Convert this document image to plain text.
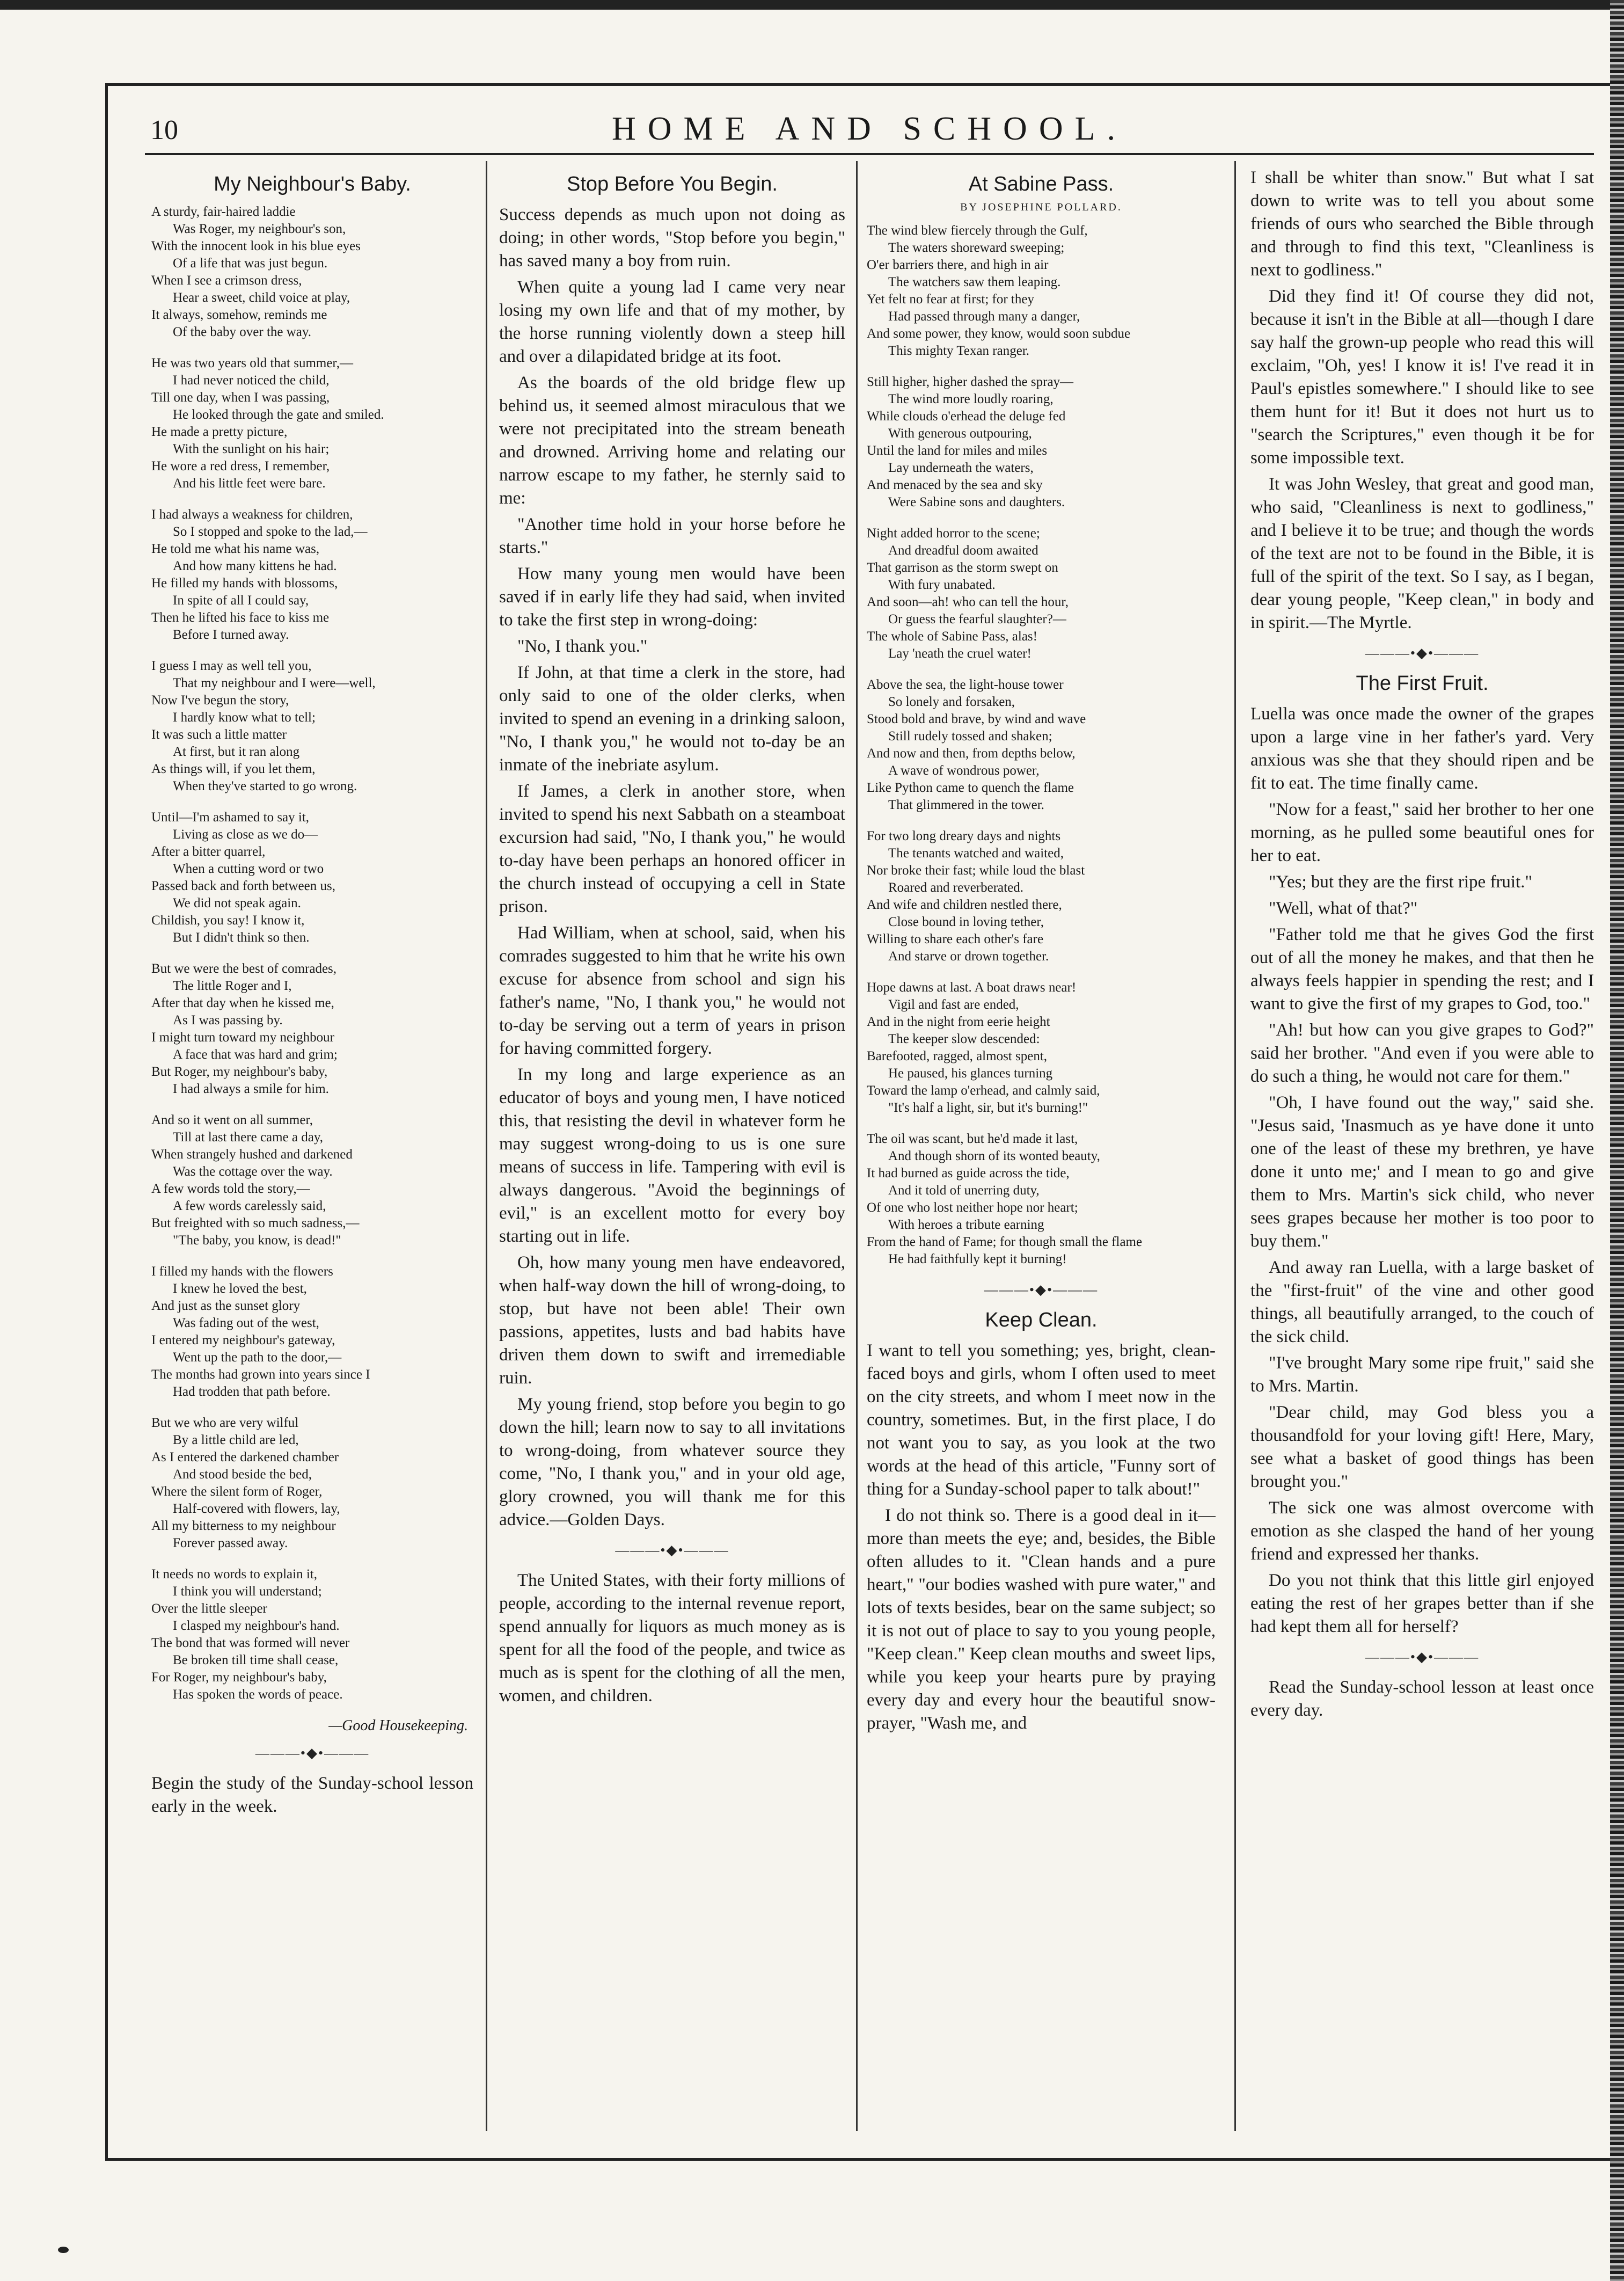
10	HOME AND SCHOOL.
My Neighbour's Baby.
A sturdy, fair-haired laddie
Was Roger, my neighbour's son,
With the innocent look in his blue eyes
Of a life that was just begun.
When I see a crimson dress,
Hear a sweet, child voice at play,
It always, somehow, reminds me
Of the baby over the way.
He was two years old that summer,—
I had never noticed the child,
Till one day, when I was passing,
He looked through the gate and smiled.
He made a pretty picture,
With the sunlight on his hair;
He wore a red dress, I remember,
And his little feet were bare.
I had always a weakness for children,
So I stopped and spoke to the lad,—
He told me what his name was,
And how many kittens he had.
He filled my hands with blossoms,
In spite of all I could say,
Then he lifted his face to kiss me
Before I turned away.
I guess I may as well tell you,
That my neighbour and I were—well,
Now I've begun the story,
I hardly know what to tell;
It was such a little matter
At first, but it ran along
As things will, if you let them,
When they've started to go wrong.
Until—I'm ashamed to say it,
Living as close as we do—
After a bitter quarrel,
When a cutting word or two
Passed back and forth between us,
We did not speak again.
Childish, you say! I know it,
But I didn't think so then.
But we were the best of comrades,
The little Roger and I,
After that day when he kissed me,
As I was passing by.
I might turn toward my neighbour
A face that was hard and grim;
But Roger, my neighbour's baby,
I had always a smile for him.
And so it went on all summer,
Till at last there came a day,
When strangely hushed and darkened
Was the cottage over the way.
A few words told the story,—
A few words carelessly said,
But freighted with so much sadness,—
"The baby, you know, is dead!"
I filled my hands with the flowers
I knew he loved the best,
And just as the sunset glory
Was fading out of the west,
I entered my neighbour's gateway,
Went up the path to the door,—
The months had grown into years since I
Had trodden that path before.
But we who are very wilful
By a little child are led,
As I entered the darkened chamber
And stood beside the bed,
Where the silent form of Roger,
Half-covered with flowers, lay,
All my bitterness to my neighbour
Forever passed away.
It needs no words to explain it,
I think you will understand;
Over the little sleeper
I clasped my neighbour's hand.
The bond that was formed will never
Be broken till time shall cease,
For Roger, my neighbour's baby,
Has spoken the words of peace.
—Good Housekeeping.
―――•◆•―――

Begin the study of the Sunday-school lesson early in the week.

Stop Before You Begin.

Success depends as much upon not doing as doing; in other words, "Stop before you begin," has saved many a boy from ruin.

When quite a young lad I came very near losing my own life and that of my mother, by the horse running violently down a steep hill and over a dilapidated bridge at its foot.

As the boards of the old bridge flew up behind us, it seemed almost miraculous that we were not precipitated into the stream beneath and drowned. Arriving home and relating our narrow escape to my father, he sternly said to me:

"Another time hold in your horse before he starts."

How many young men would have been saved if in early life they had said, when invited to take the first step in wrong-doing:

"No, I thank you."

If John, at that time a clerk in the store, had only said to one of the older clerks, when invited to spend an evening in a drinking saloon, "No, I thank you," he would not to-day be an inmate of the inebriate asylum.

If James, a clerk in another store, when invited to spend his next Sabbath on a steamboat excursion had said, "No, I thank you," he would to-day have been perhaps an honored officer in the church instead of occupying a cell in State prison.

Had William, when at school, said, when his comrades suggested to him that he write his own excuse for absence from school and sign his father's name, "No, I thank you," he would not to-day be serving out a term of years in prison for having committed forgery.

In my long and large experience as an educator of boys and young men, I have noticed this, that resisting the devil in whatever form he may suggest wrong-doing to us is one sure means of success in life. Tampering with evil is always dangerous. "Avoid the beginnings of evil," is an excellent motto for every boy starting out in life.

Oh, how many young men have endeavored, when half-way down the hill of wrong-doing, to stop, but have not been able! Their own passions, appetites, lusts and bad habits have driven them down to swift and irremediable ruin.

My young friend, stop before you begin to go down the hill; learn now to say to all invitations to wrong-doing, from whatever source they come, "No, I thank you," and in your old age, glory crowned, you will thank me for this advice.—Golden Days.

―――•◆•―――

The United States, with their forty millions of people, according to the internal revenue report, spend annually for liquors as much money as is spent for all the food of the people, and twice as much as is spent for the clothing of all the men, women, and children.

At Sabine Pass.
BY JOSEPHINE POLLARD.
The wind blew fiercely through the Gulf,
The waters shoreward sweeping;
O'er barriers there, and high in air
The watchers saw them leaping.
Yet felt no fear at first; for they
Had passed through many a danger,
And some power, they know, would soon subdue
This mighty Texan ranger.
Still higher, higher dashed the spray—
The wind more loudly roaring,
While clouds o'erhead the deluge fed
With generous outpouring,
Until the land for miles and miles
Lay underneath the waters,
And menaced by the sea and sky
Were Sabine sons and daughters.
Night added horror to the scene;
And dreadful doom awaited
That garrison as the storm swept on
With fury unabated.
And soon—ah! who can tell the hour,
Or guess the fearful slaughter?—
The whole of Sabine Pass, alas!
Lay 'neath the cruel water!
Above the sea, the light-house tower
So lonely and forsaken,
Stood bold and brave, by wind and wave
Still rudely tossed and shaken;
And now and then, from depths below,
A wave of wondrous power,
Like Python came to quench the flame
That glimmered in the tower.
For two long dreary days and nights
The tenants watched and waited,
Nor broke their fast; while loud the blast
Roared and reverberated.
And wife and children nestled there,
Close bound in loving tether,
Willing to share each other's fare
And starve or drown together.
Hope dawns at last. A boat draws near!
Vigil and fast are ended,
And in the night from eerie height
The keeper slow descended:
Barefooted, ragged, almost spent,
He paused, his glances turning
Toward the lamp o'erhead, and calmly said,
"It's half a light, sir, but it's burning!"
The oil was scant, but he'd made it last,
And though shorn of its wonted beauty,
It had burned as guide across the tide,
And it told of unerring duty,
Of one who lost neither hope nor heart;
With heroes a tribute earning
From the hand of Fame; for though small the flame
He had faithfully kept it burning!
―――•◆•―――
Keep Clean.

I want to tell you something; yes, bright, clean-faced boys and girls, whom I often used to meet on the city streets, and whom I meet now in the country, sometimes. But, in the first place, I do not want you to say, as you look at the two words at the head of this article, "Funny sort of thing for a Sunday-school paper to talk about!"

I do not think so. There is a good deal in it—more than meets the eye; and, besides, the Bible often alludes to it. "Clean hands and a pure heart," "our bodies washed with pure water," and lots of texts besides, bear on the same subject; so it is not out of place to say to you young people, "Keep clean." Keep clean mouths and sweet lips, while you keep your hearts pure by praying every day and every hour the beautiful snow-prayer, "Wash me, and

I shall be whiter than snow." But what I sat down to write was to tell you about some friends of ours who searched the Bible through and through to find this text, "Cleanliness is next to godliness."

Did they find it! Of course they did not, because it isn't in the Bible at all—though I dare say half the grown-up people who read this will exclaim, "Oh, yes! I know it is! I've read it in Paul's epistles somewhere." I should like to see them hunt for it! But it does not hurt us to "search the Scriptures," even though it be for some impossible text.

It was John Wesley, that great and good man, who said, "Cleanliness is next to godliness," and I believe it to be true; and though the words of the text are not to be found in the Bible, it is full of the spirit of the text. So I say, as I began, dear young people, "Keep clean," in body and in spirit.—The Myrtle.

―――•◆•―――
The First Fruit.

Luella was once made the owner of the grapes upon a large vine in her father's yard. Very anxious was she that they should ripen and be fit to eat. The time finally came.

"Now for a feast," said her brother to her one morning, as he pulled some beautiful ones for her to eat.

"Yes; but they are the first ripe fruit."

"Well, what of that?"

"Father told me that he gives God the first out of all the money he makes, and that then he always feels happier in spending the rest; and I want to give the first of my grapes to God, too."

"Ah! but how can you give grapes to God?" said her brother. "And even if you were able to do such a thing, he would not care for them."

"Oh, I have found out the way," said she. "Jesus said, 'Inasmuch as ye have done it unto one of the least of these my brethren, ye have done it unto me;' and I mean to go and give them to Mrs. Martin's sick child, who never sees grapes because her mother is too poor to buy them."

And away ran Luella, with a large basket of the "first-fruit" of the vine and other good things, all beautifully arranged, to the couch of the sick child.

"I've brought Mary some ripe fruit," said she to Mrs. Martin.

"Dear child, may God bless you a thousandfold for your loving gift! Here, Mary, see what a basket of good things has been brought you."

The sick one was almost overcome with emotion as she clasped the hand of her young friend and expressed her thanks.

Do you not think that this little girl enjoyed eating the rest of her grapes better than if she had kept them all for herself?

―――•◆•―――

Read the Sunday-school lesson at least once every day.
